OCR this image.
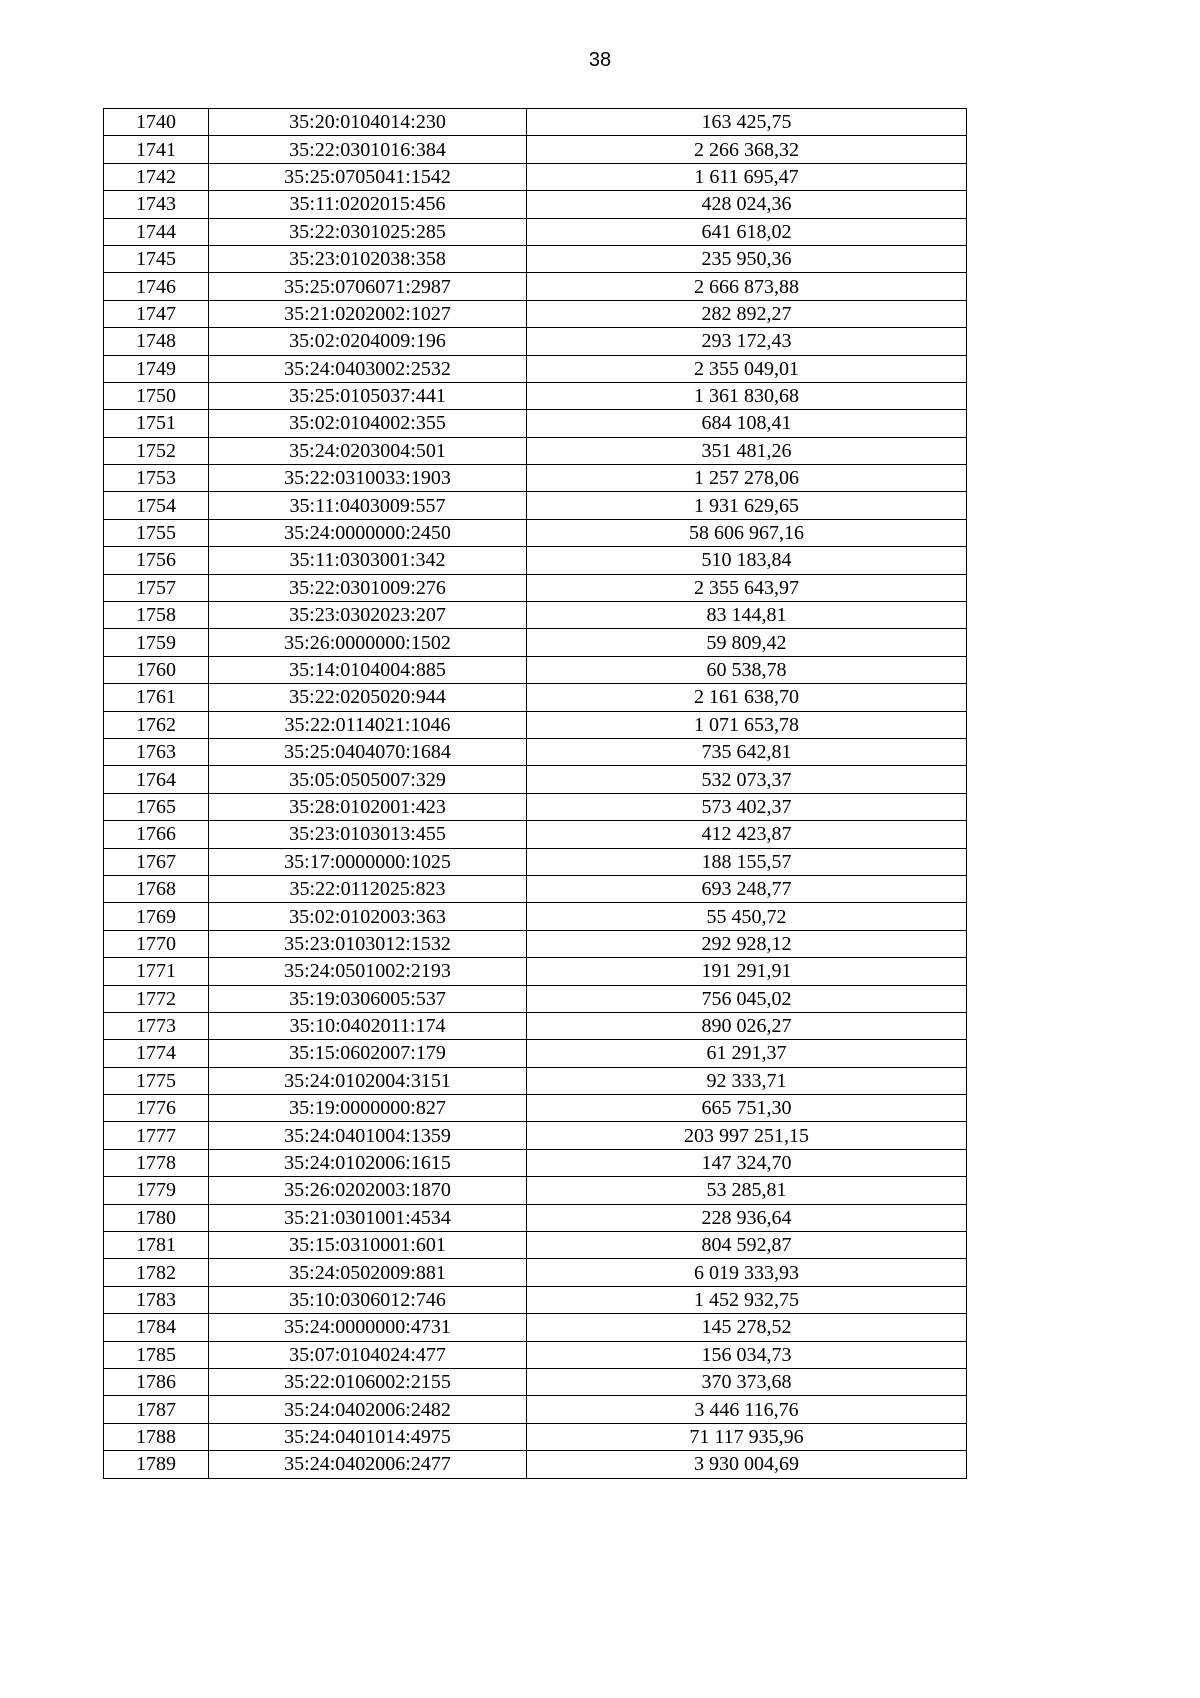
38
1740	35:20:0104014:230	163 425,75
1741	35:22:0301016:384	2 266 368,32
1742	35:25:0705041:1542	1 611 695,47
1743	35:11:0202015:456	428 024,36
1744	35:22:0301025:285	641 618,02
1745	35:23:0102038:358	235 950,36
1746	35:25:0706071:2987	2 666 873,88
1747	35:21:0202002:1027	282 892,27
1748	35:02:0204009:196	293 172,43
1749	35:24:0403002:2532	2 355 049,01
1750	35:25:0105037:441	1 361 830,68
1751	35:02:0104002:355	684 108,41
1752	35:24:0203004:501	351 481,26
1753	35:22:0310033:1903	1 257 278,06
1754	35:11:0403009:557	1 931 629,65
1755	35:24:0000000:2450	58 606 967,16
1756	35:11:0303001:342	510 183,84
1757	35:22:0301009:276	2 355 643,97
1758	35:23:0302023:207	83 144,81
1759	35:26:0000000:1502	59 809,42
1760	35:14:0104004:885	60 538,78
1761	35:22:0205020:944	2 161 638,70
1762	35:22:0114021:1046	1 071 653,78
1763	35:25:0404070:1684	735 642,81
1764	35:05:0505007:329	532 073,37
1765	35:28:0102001:423	573 402,37
1766	35:23:0103013:455	412 423,87
1767	35:17:0000000:1025	188 155,57
1768	35:22:0112025:823	693 248,77
1769	35:02:0102003:363	55 450,72
1770	35:23:0103012:1532	292 928,12
1771	35:24:0501002:2193	191 291,91
1772	35:19:0306005:537	756 045,02
1773	35:10:0402011:174	890 026,27
1774	35:15:0602007:179	61 291,37
1775	35:24:0102004:3151	92 333,71
1776	35:19:0000000:827	665 751,30
1777	35:24:0401004:1359	203 997 251,15
1778	35:24:0102006:1615	147 324,70
1779	35:26:0202003:1870	53 285,81
1780	35:21:0301001:4534	228 936,64
1781	35:15:0310001:601	804 592,87
1782	35:24:0502009:881	6 019 333,93
1783	35:10:0306012:746	1 452 932,75
1784	35:24:0000000:4731	145 278,52
1785	35:07:0104024:477	156 034,73
1786	35:22:0106002:2155	370 373,68
1787	35:24:0402006:2482	3 446 116,76
1788	35:24:0401014:4975	71 117 935,96
1789	35:24:0402006:2477	3 930 004,69
